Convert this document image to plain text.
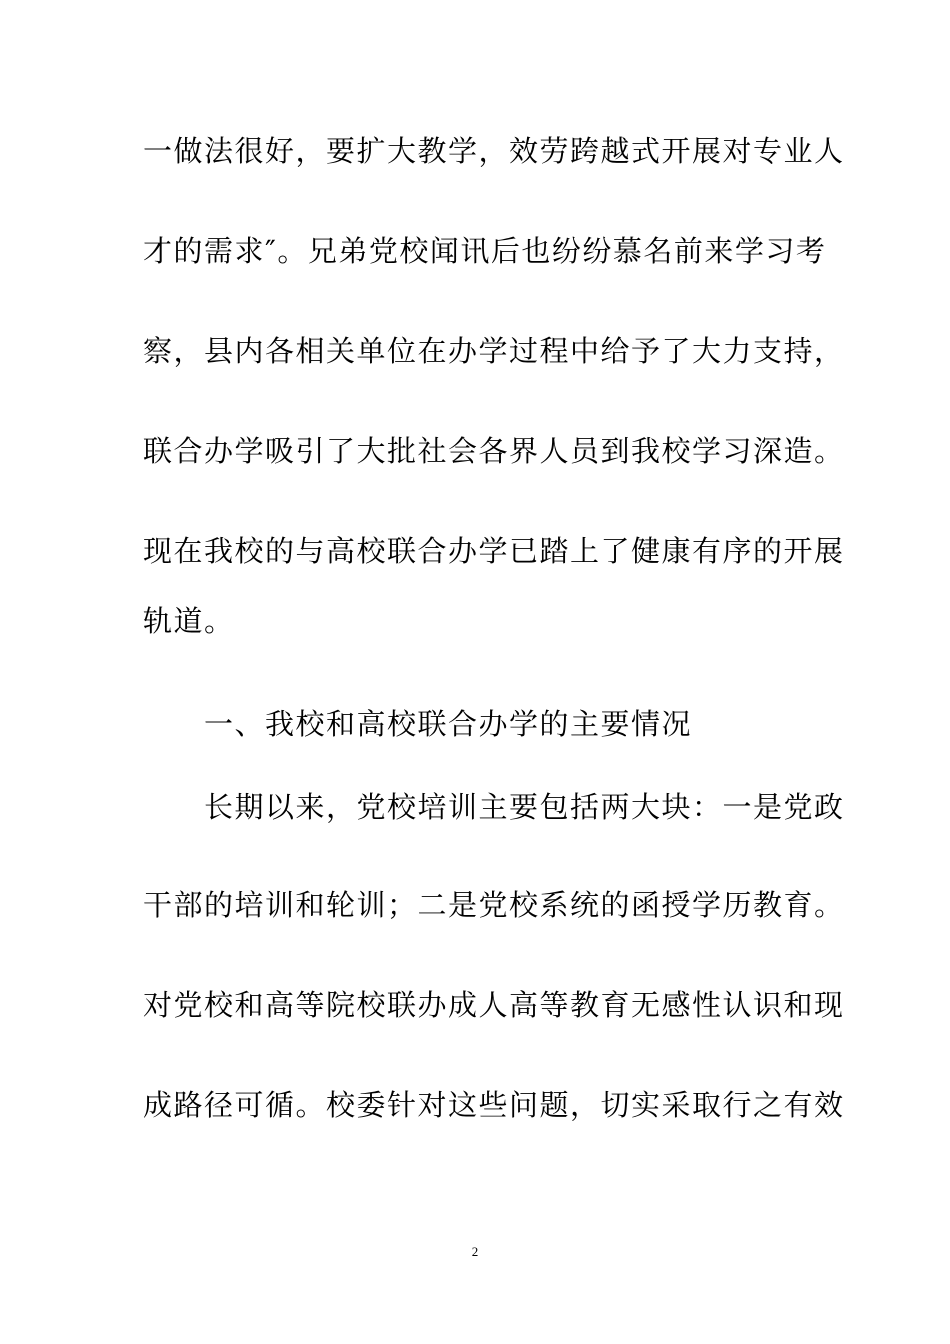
一做法很好，要扩大教学，效劳跨越式开展对专业人
才的需求″。兄弟党校闻讯后也纷纷慕名前来学习考
察，县内各相关单位在办学过程中给予了大力支持，
联合办学吸引了大批社会各界人员到我校学习深造。
现在我校的与高校联合办学已踏上了健康有序的开展
轨道。
一、我校和高校联合办学的主要情况
长期以来，党校培训主要包括两大块：一是党政
干部的培训和轮训；二是党校系统的函授学历教育。
对党校和高等院校联办成人高等教育无感性认识和现
成路径可循。校委针对这些问题，切实采取行之有效
2
